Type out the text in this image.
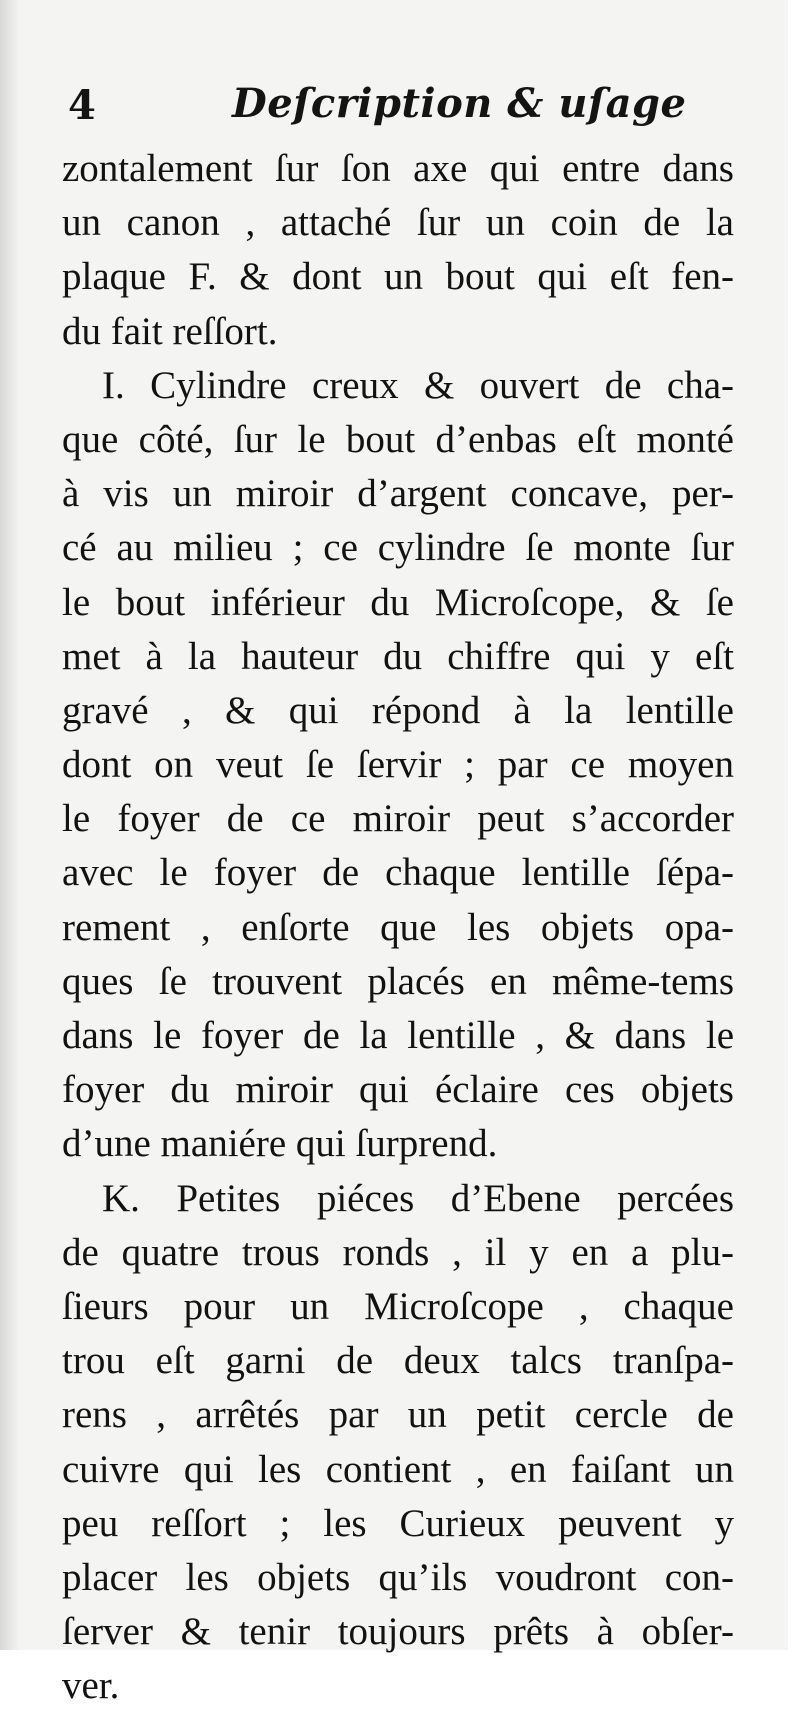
4	Deſcription & uſage
zontalement ſur ſon axe qui entre dans
un canon , attaché ſur un coin de la
plaque F. & dont un bout qui eſt fen-
du fait reſſort.
I. Cylindre creux & ouvert de cha-
que côté, ſur le bout d’enbas eſt monté
à vis un miroir d’argent concave, per-
cé au milieu ; ce cylindre ſe monte ſur
le bout inférieur du Microſcope, & ſe
met à la hauteur du chiffre qui y eſt
gravé , & qui répond à la lentille
dont on veut ſe ſervir ; par ce moyen
le foyer de ce miroir peut s’accorder
avec le foyer de chaque lentille ſépa-
rement , enſorte que les objets opa-
ques ſe trouvent placés en même-tems
dans le foyer de la lentille , & dans le
foyer du miroir qui éclaire ces objets
d’une maniére qui ſurprend.
K. Petites piéces d’Ebene percées
de quatre trous ronds , il y en a plu-
ſieurs pour un Microſcope , chaque
trou eſt garni de deux talcs tranſpa-
rens , arrêtés par un petit cercle de
cuivre qui les contient , en faiſant un
peu reſſort ; les Curieux peuvent y
placer les objets qu’ils voudront con-
ſerver & tenir toujours prêts à obſer-
ver.
